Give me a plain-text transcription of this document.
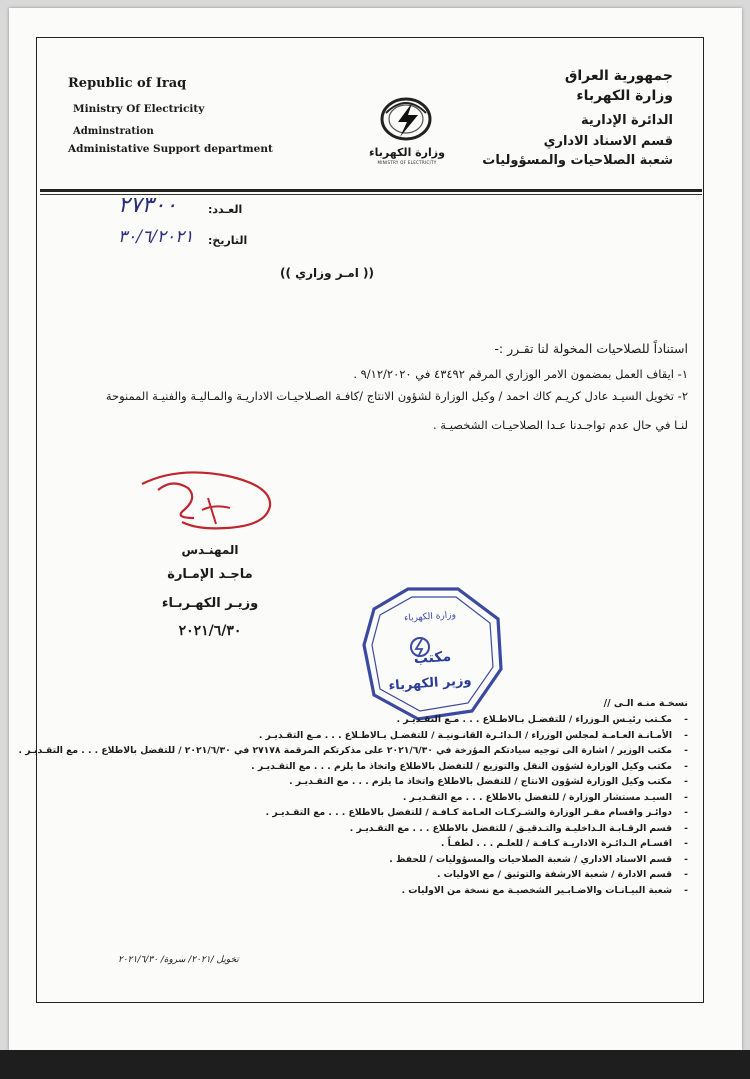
Republic of Iraq
Ministry Of Electricity
Adminstration
Administative Support department
جمهورية العراق
وزارة الكهرباء
الدائرة الإدارية
قسم الاسناد الاداري
شعبة الصلاحيات والمسؤوليات
وزارة الكهرباء
MINISTRY OF ELECTRICITY
العـدد:
٢٧٣٠٠
التاريخ:
٣٠/٦/٢٠٢١
(( امـر وزاري ))
استناداً للصلاحيات المخولة لنا تقـرر :-
١- ايقاف العمل بمضمون الامر الوزاري المرقم ٤٣٤٩٢ في ٩/١٢/٢٠٢٠ .
٢- تخويل السيـد عادل كريـم كاك احمد / وكيل الوزارة لشؤون الانتاج /كافـة الصـلاحيـات الاداريـة والمـاليـة والفنيـة الممنوحة
لنـا في حال عدم تواجـدنا عـدا الصلاحيـات الشخصيـة .
المهنـدس
ماجـد الإمـارة
وزيـر الكهـربـاء
٢٠٢١/٦/٣٠
وزارة الكهرباء
مكتب
وزير الكهرباء
نسخـة منـه الـى //
-مكـتب رئيـس الـوزراء / للتفضـل بـالاطـلاع . . . مـع التقـديـر .
-الأمـانـة العـامـة لمجلس الوزراء / الـدائـرة القانـونيـة / للتفضـل بـالاطـلاع . . . مـع التقـديـر .
-مكتب الوزير / اشارة الى توجيه سيادتكم المؤرخة في ٢٠٢١/٦/٣٠ على مذكرتكم المرقمة ٢٧١٧٨ في ٢٠٢١/٦/٣٠ / للتفضل بالاطلاع . . . مع التقـديـر .
-مكتب وكيل الوزارة لشؤون النقل والتوزيع / للتفضل بالاطلاع واتخاذ ما يلزم . . . مع التقـديـر .
-مكتب وكيل الوزارة لشؤون الانتاج / للتفضل بالاطلاع واتخاذ ما يلزم . . . مع التقـديـر .
-السيـد مستشار الوزارة / للتفضل بالاطلاع . . . مع التقـديـر .
-دوائـر واقسام مقـر الوزارة والشـركـات العـامة كـافـة / للتفضل بالاطلاع . . . مع التقـديـر .
-قسم الرقـابـة الـداخليـة والتـدقيـق / للتفضل بالاطلاع . . . مع التقـديـر .
-اقسـام الـدائـرة الاداريـة كـافـة / للعلـم . . . لطفـاً .
-قسم الاسناد الاداري / شعبة الصلاحيات والمسؤوليات / للحفظ .
-قسم الادارة / شعبة الارشفة والتوثيق / مع الاوليات .
-شعبة البيـانـات والاضـابـير الشخصيـة مع نسخة من الاوليات .
تخويل /٢٠٢١/ سروة/ ٢٠٢١/٦/٣٠
